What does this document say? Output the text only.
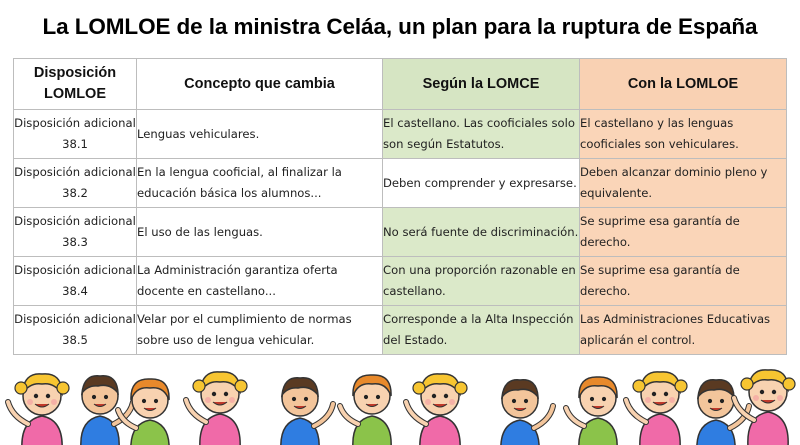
La LOMLOE de la ministra Celáa, un plan para la ruptura de España
Disposición LOMLOE	Concepto que cambia	Según la LOMCE	Con la LOMLOE
Disposición adicional 38.1	Lenguas vehiculares.	El castellano. Las cooficiales solo son según Estatutos.	El castellano y las lenguas cooficiales son vehiculares.
Disposición adicional 38.2	En la lengua cooficial, al finalizar la educación básica los alumnos...	Deben comprender y expresarse.	Deben alcanzar dominio pleno y equivalente.
Disposición adicional 38.3	El uso de las lenguas.	No será fuente de discriminación.	Se suprime esa garantía de derecho.
Disposición adicional 38.4	La Administración garantiza oferta docente en castellano...	Con una proporción razonable en castellano.	Se suprime esa garantía de derecho.
Disposición adicional 38.5	Velar por el cumplimiento de normas sobre uso de lengua vehicular.	Corresponde a la Alta Inspección del Estado.	Las Administraciones Educativas aplicarán el control.
